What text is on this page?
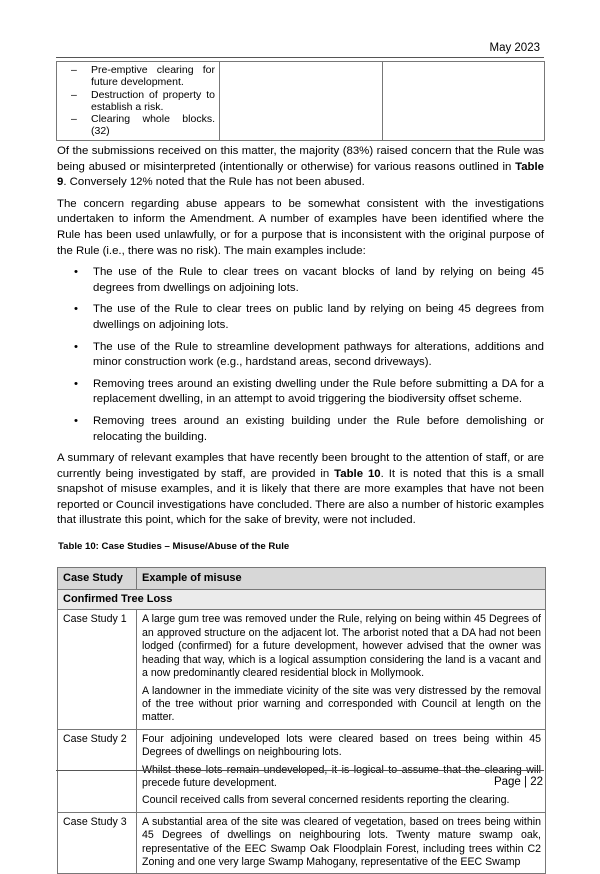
May 2023
– Pre-emptive clearing for future development.
– Destruction of property to establish a risk.
– Clearing whole blocks. (32)

Of the submissions received on this matter, the majority (83%) raised concern that the Rule was being abused or misinterpreted (intentionally or otherwise) for various reasons outlined in Table 9. Conversely 12% noted that the Rule has not been abused.

The concern regarding abuse appears to be somewhat consistent with the investigations undertaken to inform the Amendment. A number of examples have been identified where the Rule has been used unlawfully, or for a purpose that is inconsistent with the original purpose of the Rule (i.e., there was no risk). The main examples include:

• The use of the Rule to clear trees on vacant blocks of land by relying on being 45 degrees from dwellings on adjoining lots.
• The use of the Rule to clear trees on public land by relying on being 45 degrees from dwellings on adjoining lots.
• The use of the Rule to streamline development pathways for alterations, additions and minor construction work (e.g., hardstand areas, second driveways).
• Removing trees around an existing dwelling under the Rule before submitting a DA for a replacement dwelling, in an attempt to avoid triggering the biodiversity offset scheme.
• Removing trees around an existing building under the Rule before demolishing or relocating the building.

A summary of relevant examples that have recently been brought to the attention of staff, or are currently being investigated by staff, are provided in Table 10. It is noted that this is a small snapshot of misuse examples, and it is likely that there are more examples that have not been reported or Council investigations have concluded. There are also a number of historic examples that illustrate this point, which for the sake of brevity, were not included.

Table 10: Case Studies – Misuse/Abuse of the Rule
Case Study	Example of misuse
Confirmed Tree Loss	
Case Study 1	A large gum tree was removed under the Rule, relying on being within 45 Degrees of an approved structure on the adjacent lot. The arborist noted that a DA had not been lodged (confirmed) for a future development, however advised that the owner was heading that way, which is a logical assumption considering the land is a vacant and a now predominantly cleared residential block in Mollymook.

A landowner in the immediate vicinity of the site was very distressed by the removal of the tree without prior warning and corresponded with Council at length on the matter.

Case Study 2	Four adjoining undeveloped lots were cleared based on trees being within 45 Degrees of dwellings on neighbouring lots.

Whilst these lots remain undeveloped, it is logical to assume that the clearing will precede future development.

Council received calls from several concerned residents reporting the clearing.

Case Study 3	A substantial area of the site was cleared of vegetation, based on trees being within 45 Degrees of dwellings on neighbouring lots. Twenty mature swamp oak, representative of the EEC Swamp Oak Floodplain Forest, including trees within C2 Zoning and one very large Swamp Mahogany, representative of the EEC Swamp

Page | 22
